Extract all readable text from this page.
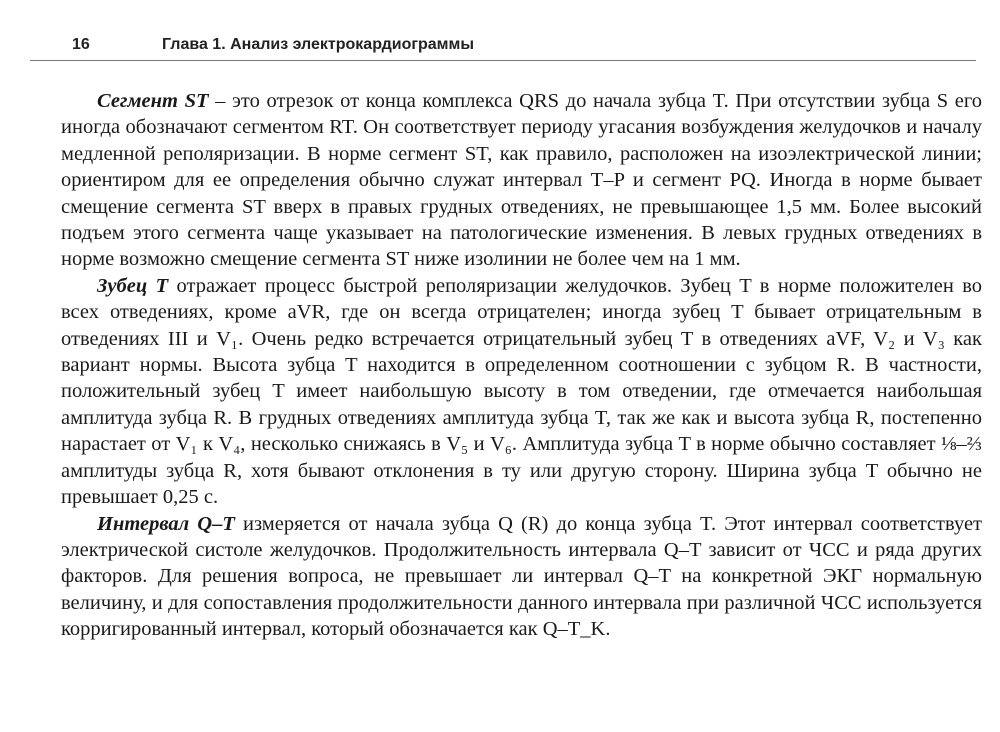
16	Глава 1. Анализ электрокардиограммы

Сегмент ST – это отрезок от конца комплекса QRS до начала зубца T. При отсутствии зубца S его иногда обозначают сегментом RT. Он соответствует периоду угасания возбуждения желудочков и началу медленной реполяризации. В норме сегмент ST, как правило, расположен на изоэлектрической линии; ориентиром для ее определения обычно служат интервал T–P и сегмент PQ. Иногда в норме бывает смещение сегмента ST вверх в правых грудных отведениях, не превышающее 1,5 мм. Более высокий подъем этого сегмента чаще указывает на патологические изменения. В левых грудных отведениях в норме возможно смещение сегмента ST ниже изолинии не более чем на 1 мм.

Зубец T отражает процесс быстрой реполяризации желудочков. Зубец T в норме положителен во всех отведениях, кроме aVR, где он всегда отрицателен; иногда зубец T бывает отрицательным в отведениях III и V₁. Очень редко встречается отрицательный зубец T в отведениях aVF, V₂ и V₃ как вариант нормы. Высота зубца T находится в определенном соотношении с зубцом R. В частности, положительный зубец T имеет наибольшую высоту в том отведении, где отмечается наибольшая амплитуда зубца R. В грудных отведениях амплитуда зубца T, так же как и высота зубца R, постепенно нарастает от V₁ к V₄, несколько снижаясь в V₅ и V₆. Амплитуда зубца T в норме обычно составляет ⅛–⅔ амплитуды зубца R, хотя бывают отклонения в ту или другую сторону. Ширина зубца T обычно не превышает 0,25 с.

Интервал Q–T измеряется от начала зубца Q (R) до конца зубца T. Этот интервал соответствует электрической систоле желудочков. Продолжительность интервала Q–T зависит от ЧСС и ряда других факторов. Для решения вопроса, не превышает ли интервал Q–T на конкретной ЭКГ нормальную величину, и для сопоставления продолжительности данного интервала при различной ЧСС используется корригированный интервал, который обозначается как Q–T_K.
